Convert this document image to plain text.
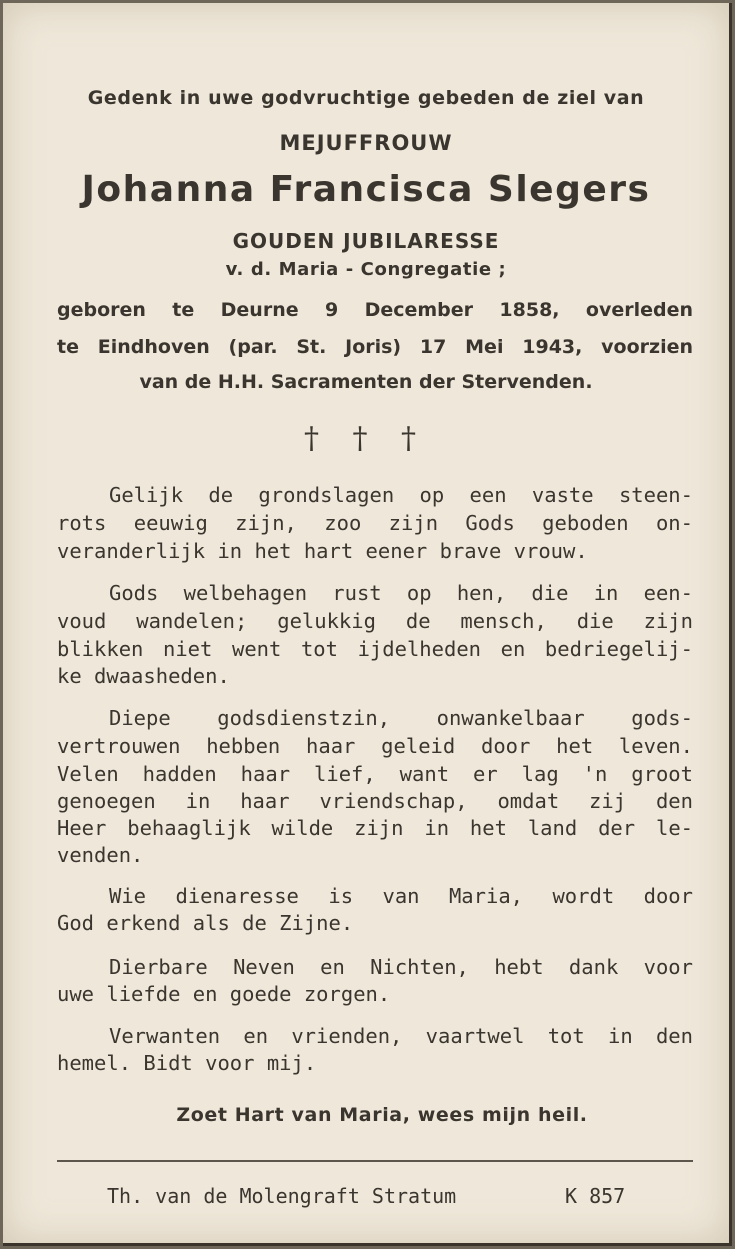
Gedenk in uwe godvruchtige gebeden de ziel van
MEJUFFROUW
Johanna Francisca Slegers
GOUDEN JUBILARESSE
v. d. Maria - Congregatie ;
geboren te Deurne 9 December 1858, overleden
te Eindhoven (par. St. Joris) 17 Mei 1943, voorzien
van de H.H. Sacramenten der Stervenden.
† † †
Gelijk de grondslagen op een vaste steen-
rots eeuwig zijn, zoo zijn Gods geboden on-
veranderlijk in het hart eener brave vrouw.
Gods welbehagen rust op hen, die in een-
voud wandelen; gelukkig de mensch, die zijn
blikken niet went tot ijdelheden en bedriegelij-
ke dwaasheden.
Diepe godsdienstzin, onwankelbaar gods-
vertrouwen hebben haar geleid door het leven.
Velen hadden haar lief, want er lag 'n groot
genoegen in haar vriendschap, omdat zij den
Heer behaaglijk wilde zijn in het land der le-
venden.
Wie dienaresse is van Maria, wordt door
God erkend als de Zijne.
Dierbare Neven en Nichten, hebt dank voor
uwe liefde en goede zorgen.
Verwanten en vrienden, vaartwel tot in den
hemel. Bidt voor mij.
Zoet Hart van Maria, wees mijn heil.
Th. van de Molengraft Stratum	K 857
